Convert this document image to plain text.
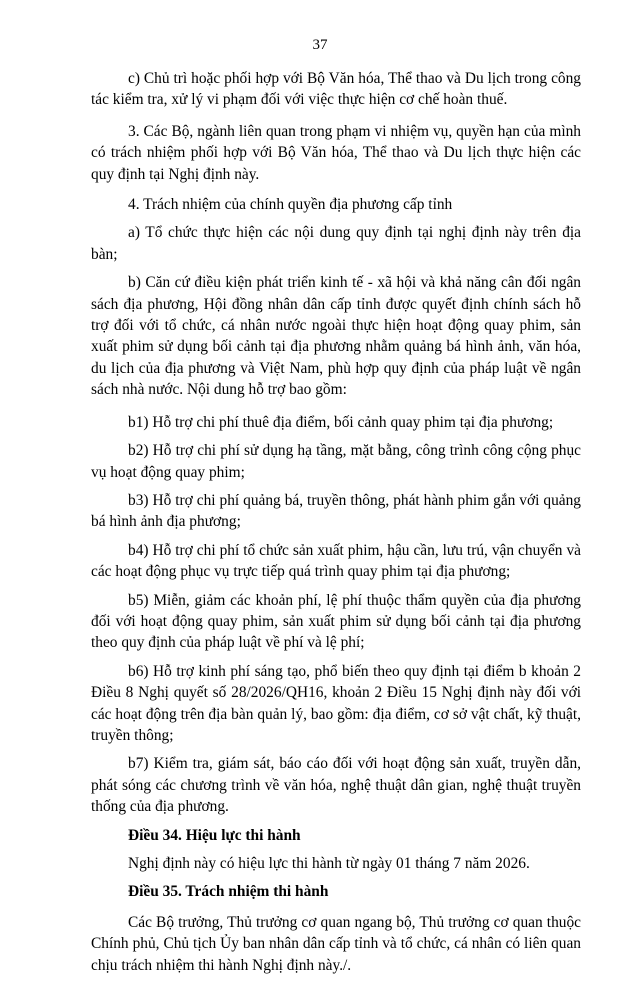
37

c) Chủ trì hoặc phối hợp với Bộ Văn hóa, Thể thao và Du lịch trong công tác kiểm tra, xử lý vi phạm đối với việc thực hiện cơ chế hoàn thuế.

3. Các Bộ, ngành liên quan trong phạm vi nhiệm vụ, quyền hạn của mình có trách nhiệm phối hợp với Bộ Văn hóa, Thể thao và Du lịch thực hiện các quy định tại Nghị định này.

4. Trách nhiệm của chính quyền địa phương cấp tỉnh

a) Tổ chức thực hiện các nội dung quy định tại nghị định này trên địa bàn;

b) Căn cứ điều kiện phát triển kinh tế - xã hội và khả năng cân đối ngân sách địa phương, Hội đồng nhân dân cấp tỉnh được quyết định chính sách hỗ trợ đối với tổ chức, cá nhân nước ngoài thực hiện hoạt động quay phim, sản xuất phim sử dụng bối cảnh tại địa phương nhằm quảng bá hình ảnh, văn hóa, du lịch của địa phương và Việt Nam, phù hợp quy định của pháp luật về ngân sách nhà nước. Nội dung hỗ trợ bao gồm:

b1) Hỗ trợ chi phí thuê địa điểm, bối cảnh quay phim tại địa phương;

b2) Hỗ trợ chi phí sử dụng hạ tầng, mặt bằng, công trình công cộng phục vụ hoạt động quay phim;

b3) Hỗ trợ chi phí quảng bá, truyền thông, phát hành phim gắn với quảng bá hình ảnh địa phương;

b4) Hỗ trợ chi phí tổ chức sản xuất phim, hậu cần, lưu trú, vận chuyển và các hoạt động phục vụ trực tiếp quá trình quay phim tại địa phương;

b5) Miễn, giảm các khoản phí, lệ phí thuộc thẩm quyền của địa phương đối với hoạt động quay phim, sản xuất phim sử dụng bối cảnh tại địa phương theo quy định của pháp luật về phí và lệ phí;

b6) Hỗ trợ kinh phí sáng tạo, phổ biến theo quy định tại điểm b khoản 2 Điều 8 Nghị quyết số 28/2026/QH16, khoản 2 Điều 15 Nghị định này đối với các hoạt động trên địa bàn quản lý, bao gồm: địa điểm, cơ sở vật chất, kỹ thuật, truyền thông;

b7) Kiểm tra, giám sát, báo cáo đối với hoạt động sản xuất, truyền dẫn, phát sóng các chương trình về văn hóa, nghệ thuật dân gian, nghệ thuật truyền thống của địa phương.

Điều 34. Hiệu lực thi hành

Nghị định này có hiệu lực thi hành từ ngày 01 tháng 7 năm 2026.

Điều 35. Trách nhiệm thi hành

Các Bộ trưởng, Thủ trưởng cơ quan ngang bộ, Thủ trưởng cơ quan thuộc Chính phủ, Chủ tịch Ủy ban nhân dân cấp tỉnh và tổ chức, cá nhân có liên quan chịu trách nhiệm thi hành Nghị định này./.
